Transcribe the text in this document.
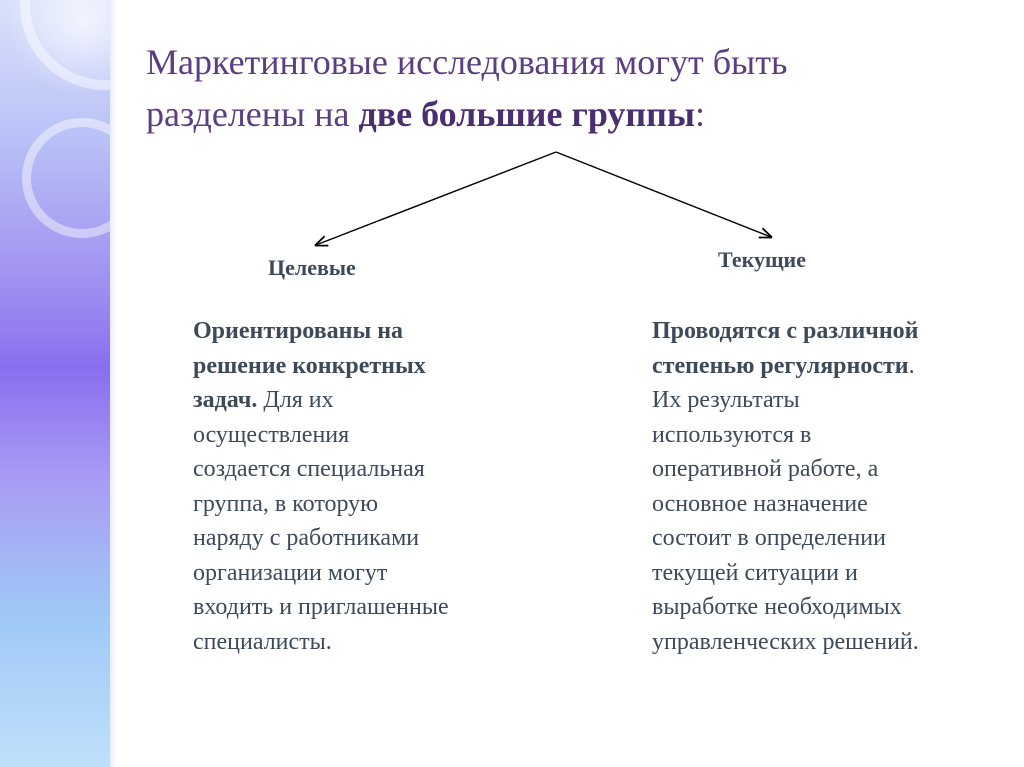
Маркетинговые исследования могут быть
разделены на две большие группы:
Целевые	Текущие
Ориентированы на
решение конкретных
задач. Для их
осуществления
создается специальная
группа, в которую
наряду с работниками
организации могут
входить и приглашенные
специалисты.
Проводятся с различной
степенью регулярности.
Их результаты
используются в
оперативной работе, а
основное назначение
состоит в определении
текущей ситуации и
выработке необходимых
управленческих решений.
